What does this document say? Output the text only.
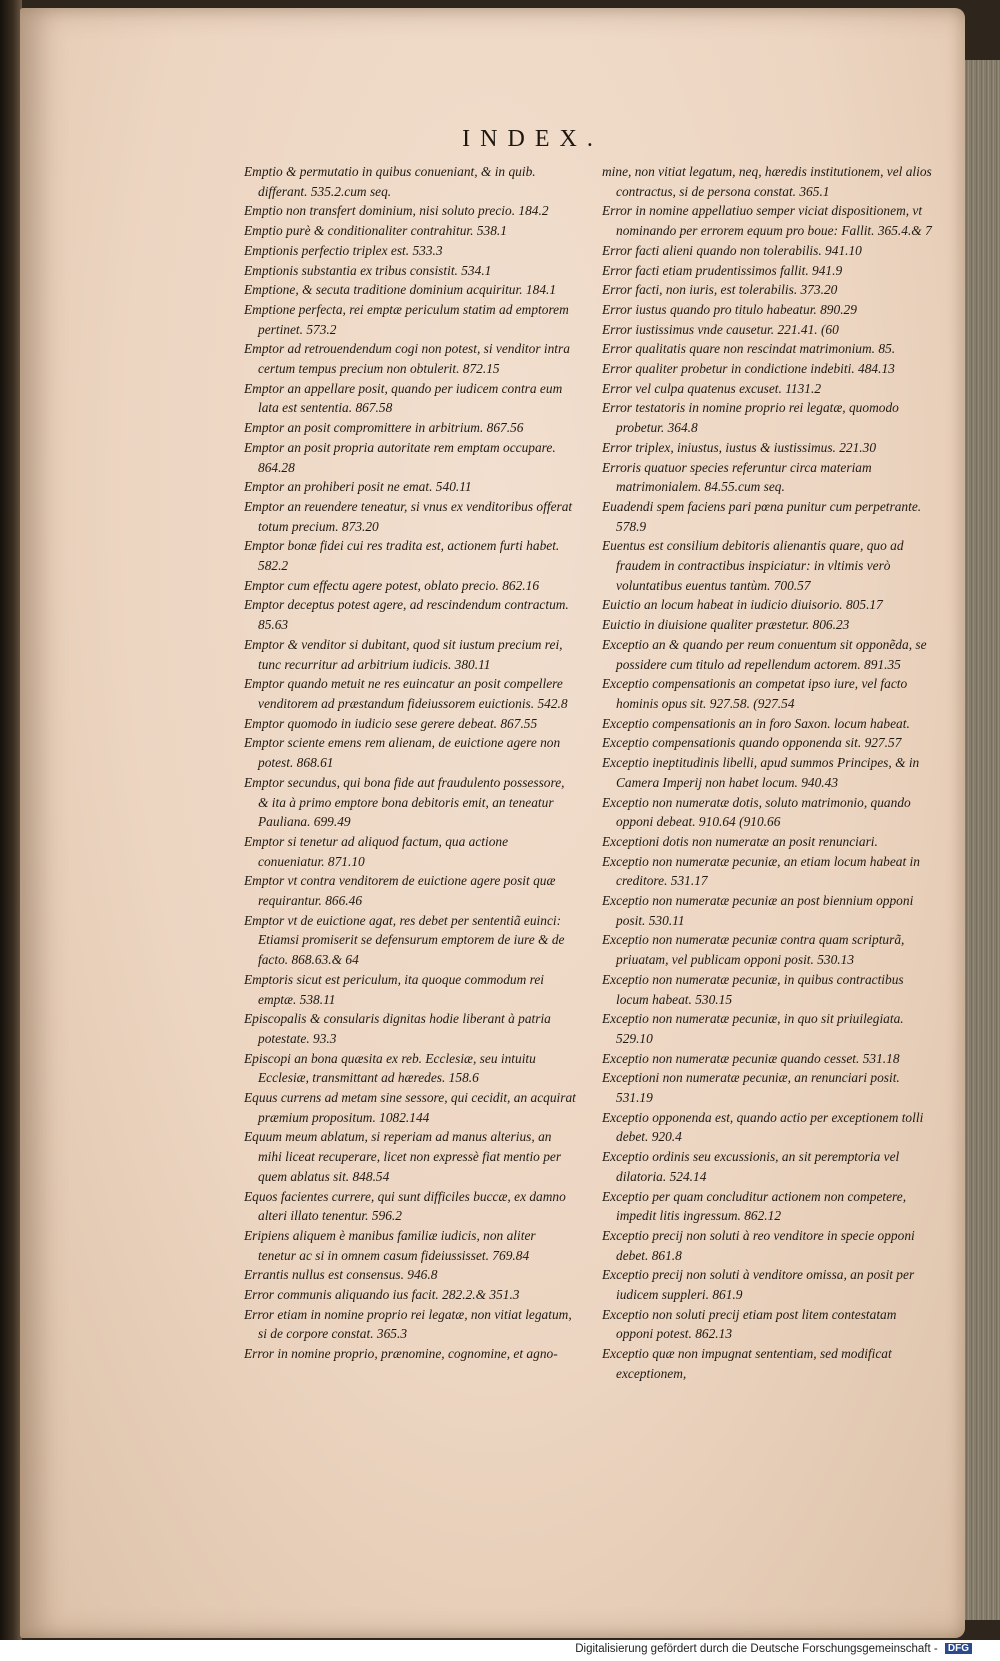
INDEX.

Emptio & permutatio in quibus conueniant, & in quib. differant. 535.2.cum seq.

Emptio non transfert dominium, nisi soluto precio. 184.2

Emptio purè & conditionaliter contrahitur. 538.1

Emptionis perfectio triplex est. 533.3

Emptionis substantia ex tribus consistit. 534.1

Emptione, & secuta traditione dominium acquiritur. 184.1

Emptione perfecta, rei emptæ periculum statim ad emptorem pertinet. 573.2

Emptor ad retrouendendum cogi non potest, si venditor intra certum tempus precium non obtulerit. 872.15

Emptor an appellare posit, quando per iudicem contra eum lata est sententia. 867.58

Emptor an posit compromittere in arbitrium. 867.56

Emptor an posit propria autoritate rem emptam occupare. 864.28

Emptor an prohiberi posit ne emat. 540.11

Emptor an reuendere teneatur, si vnus ex venditoribus offerat totum precium. 873.20

Emptor bonæ fidei cui res tradita est, actionem furti habet. 582.2

Emptor cum effectu agere potest, oblato precio. 862.16

Emptor deceptus potest agere, ad rescindendum contractum. 85.63

Emptor & venditor si dubitant, quod sit iustum precium rei, tunc recurritur ad arbitrium iudicis. 380.11

Emptor quando metuit ne res euincatur an posit compellere venditorem ad præstandum fideiussorem euictionis. 542.8

Emptor quomodo in iudicio sese gerere debeat. 867.55

Emptor sciente emens rem alienam, de euictione agere non potest. 868.61

Emptor secundus, qui bona fide aut fraudulento possessore, & ita à primo emptore bona debitoris emit, an teneatur Pauliana. 699.49

Emptor si tenetur ad aliquod factum, qua actione conueniatur. 871.10

Emptor vt contra venditorem de euictione agere posit quæ requirantur. 866.46

Emptor vt de euictione agat, res debet per sententiã euinci: Etiamsi promiserit se defensurum emptorem de iure & de facto. 868.63.& 64

Emptoris sicut est periculum, ita quoque commodum rei emptæ. 538.11

Episcopalis & consularis dignitas hodie liberant à patria potestate. 93.3

Episcopi an bona quæsita ex reb. Ecclesiæ, seu intuitu Ecclesiæ, transmittant ad hæredes. 158.6

Equus currens ad metam sine sessore, qui cecidit, an acquirat præmium propositum. 1082.144

Equum meum ablatum, si reperiam ad manus alterius, an mihi liceat recuperare, licet non expressè fiat mentio per quem ablatus sit. 848.54

Equos facientes currere, qui sunt difficiles buccæ, ex damno alteri illato tenentur. 596.2

Eripiens aliquem è manibus familiæ iudicis, non aliter tenetur ac si in omnem casum fideiussisset. 769.84

Errantis nullus est consensus. 946.8

Error communis aliquando ius facit. 282.2.& 351.3

Error etiam in nomine proprio rei legatæ, non vitiat legatum, si de corpore constat. 365.3

Error in nomine proprio, prænomine, cognomine, et agno-

mine, non vitiat legatum, neq, hæredis institutionem, vel alios contractus, si de persona constat. 365.1

Error in nomine appellatiuo semper viciat dispositionem, vt nominando per errorem equum pro boue: Fallit. 365.4.& 7

Error facti alieni quando non tolerabilis. 941.10

Error facti etiam prudentissimos fallit. 941.9

Error facti, non iuris, est tolerabilis. 373.20

Error iustus quando pro titulo habeatur. 890.29

Error iustissimus vnde causetur. 221.41. (60

Error qualitatis quare non rescindat matrimonium. 85.

Error qualiter probetur in condictione indebiti. 484.13

Error vel culpa quatenus excuset. 1131.2

Error testatoris in nomine proprio rei legatæ, quomodo probetur. 364.8

Error triplex, iniustus, iustus & iustissimus. 221.30

Erroris quatuor species referuntur circa materiam matrimonialem. 84.55.cum seq.

Euadendi spem faciens pari pœna punitur cum perpetrante. 578.9

Euentus est consilium debitoris alienantis quare, quo ad fraudem in contractibus inspiciatur: in vltimis verò voluntatibus euentus tantùm. 700.57

Euictio an locum habeat in iudicio diuisorio. 805.17

Euictio in diuisione qualiter præstetur. 806.23

Exceptio an & quando per reum conuentum sit opponẽda, se possidere cum titulo ad repellendum actorem. 891.35

Exceptio compensationis an competat ipso iure, vel facto hominis opus sit. 927.58. (927.54

Exceptio compensationis an in foro Saxon. locum habeat.

Exceptio compensationis quando opponenda sit. 927.57

Exceptio ineptitudinis libelli, apud summos Principes, & in Camera Imperij non habet locum. 940.43

Exceptio non numeratæ dotis, soluto matrimonio, quando opponi debeat. 910.64 (910.66

Exceptioni dotis non numeratæ an posit renunciari.

Exceptio non numeratæ pecuniæ, an etiam locum habeat in creditore. 531.17

Exceptio non numeratæ pecuniæ an post biennium opponi posit. 530.11

Exceptio non numeratæ pecuniæ contra quam scripturã, priuatam, vel publicam opponi posit. 530.13

Exceptio non numeratæ pecuniæ, in quibus contractibus locum habeat. 530.15

Exceptio non numeratæ pecuniæ, in quo sit priuilegiata. 529.10

Exceptio non numeratæ pecuniæ quando cesset. 531.18

Exceptioni non numeratæ pecuniæ, an renunciari posit. 531.19

Exceptio opponenda est, quando actio per exceptionem tolli debet. 920.4

Exceptio ordinis seu excussionis, an sit peremptoria vel dilatoria. 524.14

Exceptio per quam concluditur actionem non competere, impedit litis ingressum. 862.12

Exceptio precij non soluti à reo venditore in specie opponi debet. 861.8

Exceptio precij non soluti à venditore omissa, an posit per iudicem suppleri. 861.9

Exceptio non soluti precij etiam post litem contestatam opponi potest. 862.13

Exceptio quæ non impugnat sententiam, sed modificat exceptionem,

Digitalisierung gefördert durch die Deutsche Forschungsgemeinschaft - DFG
